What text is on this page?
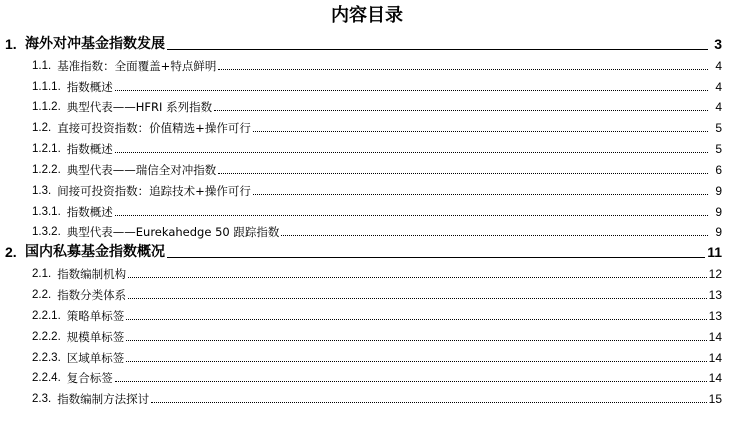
内容目录
1. 海外对冲基金指数发展	3
1.1. 基准指数：全面覆盖+特点鲜明	4
1.1.1. 指数概述	4
1.1.2. 典型代表——HFRI 系列指数	4
1.2. 直接可投资指数：价值精选+操作可行	5
1.2.1. 指数概述	5
1.2.2. 典型代表——瑞信全对冲指数	6
1.3. 间接可投资指数：追踪技术+操作可行	9
1.3.1. 指数概述	9
1.3.2. 典型代表——Eurekahedge 50 跟踪指数	9
2. 国内私募基金指数概况	11
2.1. 指数编制机构	12
2.2. 指数分类体系	13
2.2.1. 策略单标签	13
2.2.2. 规模单标签	14
2.2.3. 区域单标签	14
2.2.4. 复合标签	14
2.3. 指数编制方法探讨	15
